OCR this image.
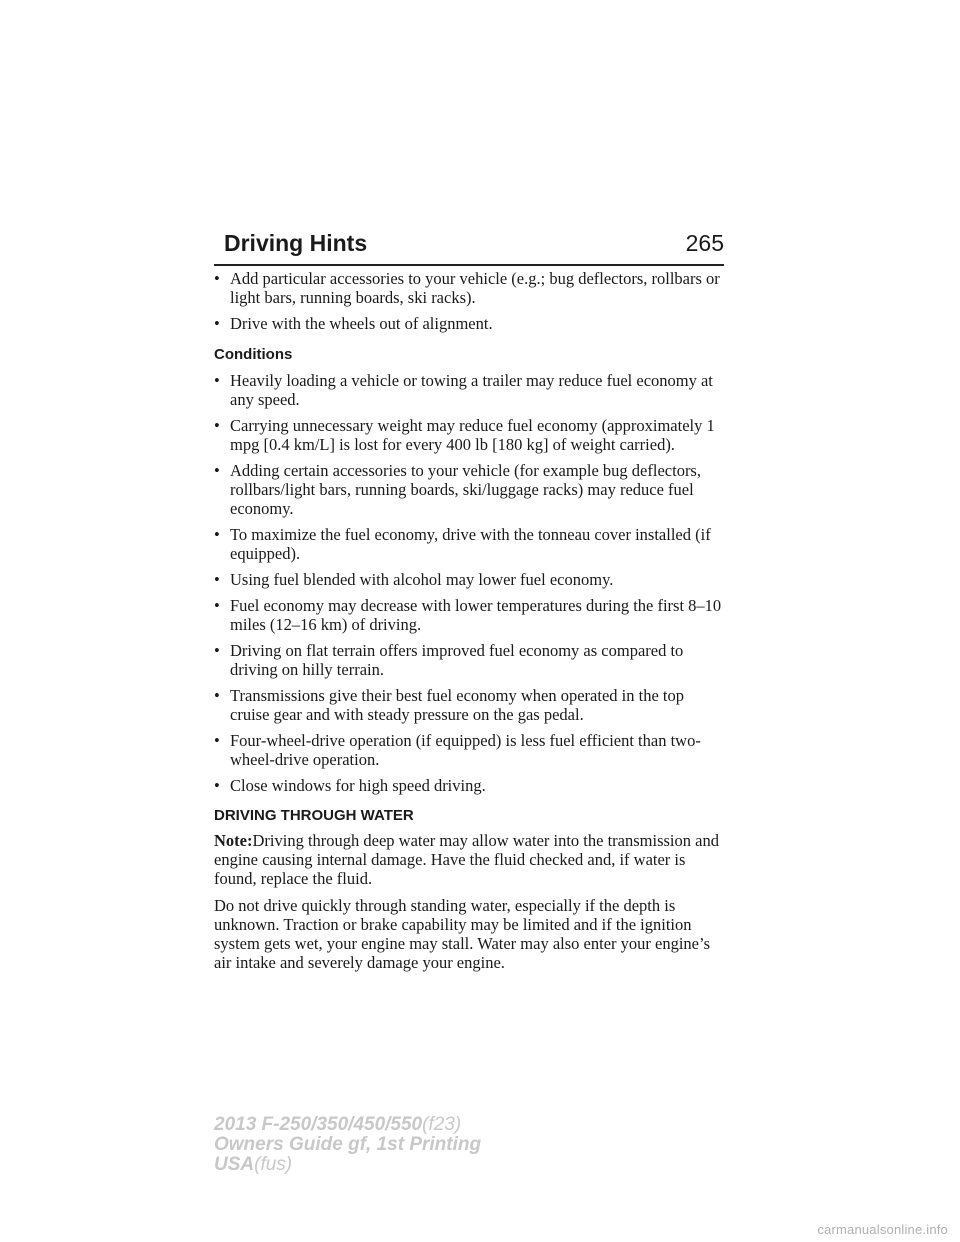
Driving Hints	265
• Add particular accessories to your vehicle (e.g.; bug deflectors, rollbars or light bars, running boards, ski racks).
• Drive with the wheels out of alignment.
Conditions
• Heavily loading a vehicle or towing a trailer may reduce fuel economy at any speed.
• Carrying unnecessary weight may reduce fuel economy (approximately 1 mpg [0.4 km/L] is lost for every 400 lb [180 kg] of weight carried).
• Adding certain accessories to your vehicle (for example bug deflectors, rollbars/light bars, running boards, ski/luggage racks) may reduce fuel economy.
• To maximize the fuel economy, drive with the tonneau cover installed (if equipped).
• Using fuel blended with alcohol may lower fuel economy.
• Fuel economy may decrease with lower temperatures during the first 8–10 miles (12–16 km) of driving.
• Driving on flat terrain offers improved fuel economy as compared to driving on hilly terrain.
• Transmissions give their best fuel economy when operated in the top cruise gear and with steady pressure on the gas pedal.
• Four-wheel-drive operation (if equipped) is less fuel efficient than two-wheel-drive operation.
• Close windows for high speed driving.
DRIVING THROUGH WATER

Note:Driving through deep water may allow water into the transmission and engine causing internal damage. Have the fluid checked and, if water is found, replace the fluid.

Do not drive quickly through standing water, especially if the depth is unknown. Traction or brake capability may be limited and if the ignition system gets wet, your engine may stall. Water may also enter your engine’s air intake and severely damage your engine.

2013 F-250/350/450/550(f23)
Owners Guide gf, 1st Printing
USA(fus)
carmanualsonline.info
